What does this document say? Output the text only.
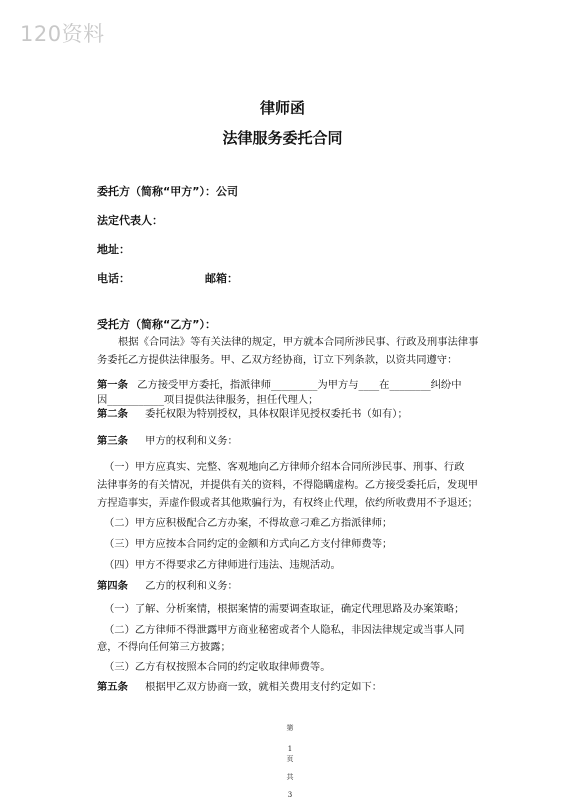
120资料
律师函
法律服务委托合同
委托方（简称“甲方”）：公司
法定代表人：
地址：
电话：	邮箱：
受托方（简称“乙方”）：
根据《合同法》等有关法律的规定，甲方就本合同所涉民事、行政及刑事法律事
务委托乙方提供法律服务。甲、乙双方经协商，订立下列条款，以资共同遵守：
第一条 乙方接受甲方委托，指派律师_________为甲方与____在________纠纷中
因___________项目提供法律服务，担任代理人；
第二条 委托权限为特别授权，具体权限详见授权委托书（如有）；
第三条 甲方的权利和义务：
（一）甲方应真实、完整、客观地向乙方律师介绍本合同所涉民事、刑事、行政
法律事务的有关情况，并提供有关的资料，不得隐瞒虚构。乙方接受委托后，发现甲
方捏造事实，弄虚作假或者其他欺骗行为，有权终止代理，依约所收费用不予退还；
（二）甲方应积极配合乙方办案，不得故意刁难乙方指派律师；
（三）甲方应按本合同约定的金额和方式向乙方支付律师费等；
（四）甲方不得要求乙方律师进行违法、违规活动。
第四条 乙方的权利和义务：
（一）了解、分析案情，根据案情的需要调查取证，确定代理思路及办案策略；
（二）乙方律师不得泄露甲方商业秘密或者个人隐私，非因法律规定或当事人同
意，不得向任何第三方披露；
（三）乙方有权按照本合同的约定收取律师费等。
第五条 根据甲乙双方协商一致，就相关费用支付约定如下：
第
1
页
共
3
